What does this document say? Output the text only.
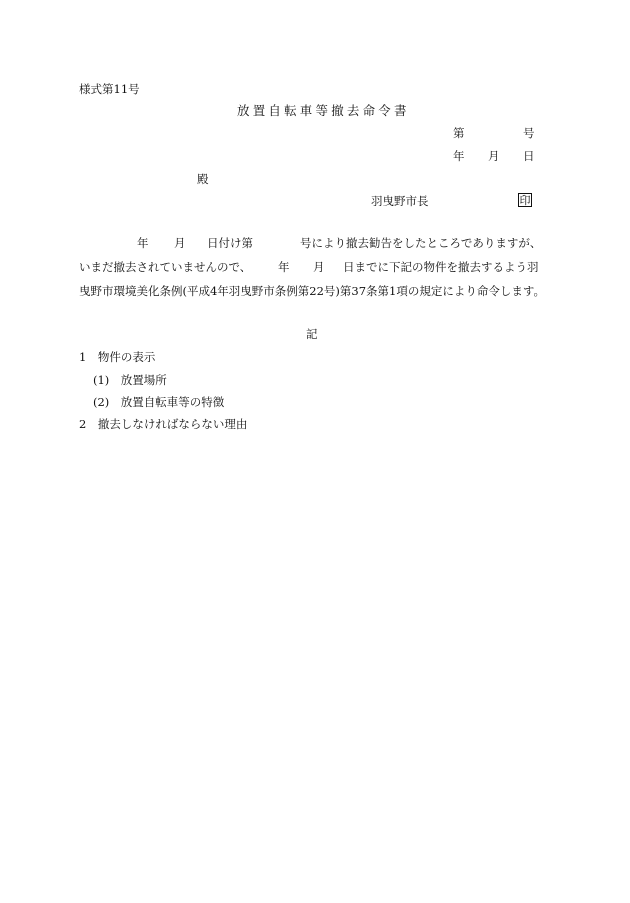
様式第11号
放置自転車等撤去命令書
第	号
年 月 日
殿
羽曳野市長	印
年 月 日付け第	号により撤去勧告をしたところでありますが、
いまだ撤去されていませんので、 年 月 日までに下記の物件を撤去するよう羽
曳野市環境美化条例(平成4年羽曳野市条例第22号)第37条第1項の規定により命令します。
記
1　物件の表示
(1)　放置場所
(2)　放置自転車等の特徴
2　撤去しなければならない理由
